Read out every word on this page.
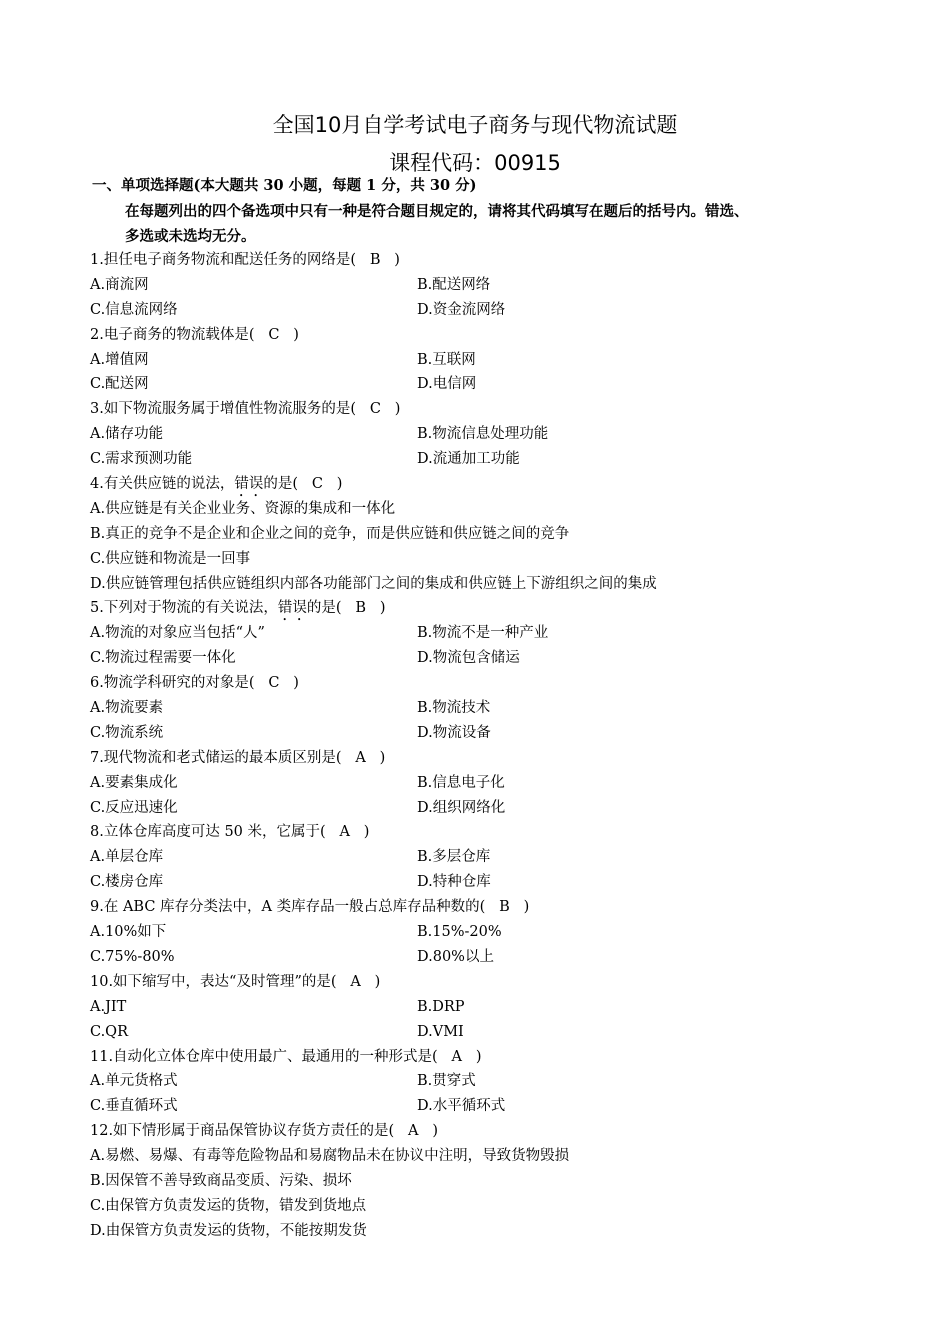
全国10月自学考试电子商务与现代物流试题
课程代码：00915
一、单项选择题(本大题共 30 小题，每题 1 分，共 30 分)
在每题列出的四个备选项中只有一种是符合题目规定的，请将其代码填写在题后的括号内。错选、
多选或未选均无分。
1.担任电子商务物流和配送任务的网络是( B   )
A.商流网	B.配送网络
C.信息流网络	D.资金流网络
2.电子商务的物流载体是( C   )
A.增值网	B.互联网
C.配送网	D.电信网
3.如下物流服务属于增值性物流服务的是( C   )
A.储存功能	B.物流信息处理功能
C.需求预测功能	D.流通加工功能
4.有关供应链的说法，错误的是( C   )
A.供应链是有关企业业务、资源的集成和一体化
B.真正的竞争不是企业和企业之间的竞争，而是供应链和供应链之间的竞争
C.供应链和物流是一回事
D.供应链管理包括供应链组织内部各功能部门之间的集成和供应链上下游组织之间的集成
5.下列对于物流的有关说法，错误的是( B   )
A.物流的对象应当包括“人”	B.物流不是一种产业
C.物流过程需要一体化	D.物流包含储运
6.物流学科研究的对象是( C   )
A.物流要素	B.物流技术
C.物流系统	D.物流设备
7.现代物流和老式储运的最本质区别是( A   )
A.要素集成化	B.信息电子化
C.反应迅速化	D.组织网络化
8.立体仓库高度可达 50 米，它属于( A   )
A.单层仓库	B.多层仓库
C.楼房仓库	D.特种仓库
9.在 ABC 库存分类法中，A 类库存品一般占总库存品种数的( B   )
A.10%如下	B.15%-20%
C.75%-80%	D.80%以上
10.如下缩写中，表达“及时管理”的是( A   )
A.JIT	B.DRP
C.QR	D.VMI
11.自动化立体仓库中使用最广、最通用的一种形式是( A   )
A.单元货格式	B.贯穿式
C.垂直循环式	D.水平循环式
12.如下情形属于商品保管协议存货方责任的是( A   )
A.易燃、易爆、有毒等危险物品和易腐物品未在协议中注明，导致货物毁损
B.因保管不善导致商品变质、污染、损坏
C.由保管方负责发运的货物，错发到货地点
D.由保管方负责发运的货物，不能按期发货
